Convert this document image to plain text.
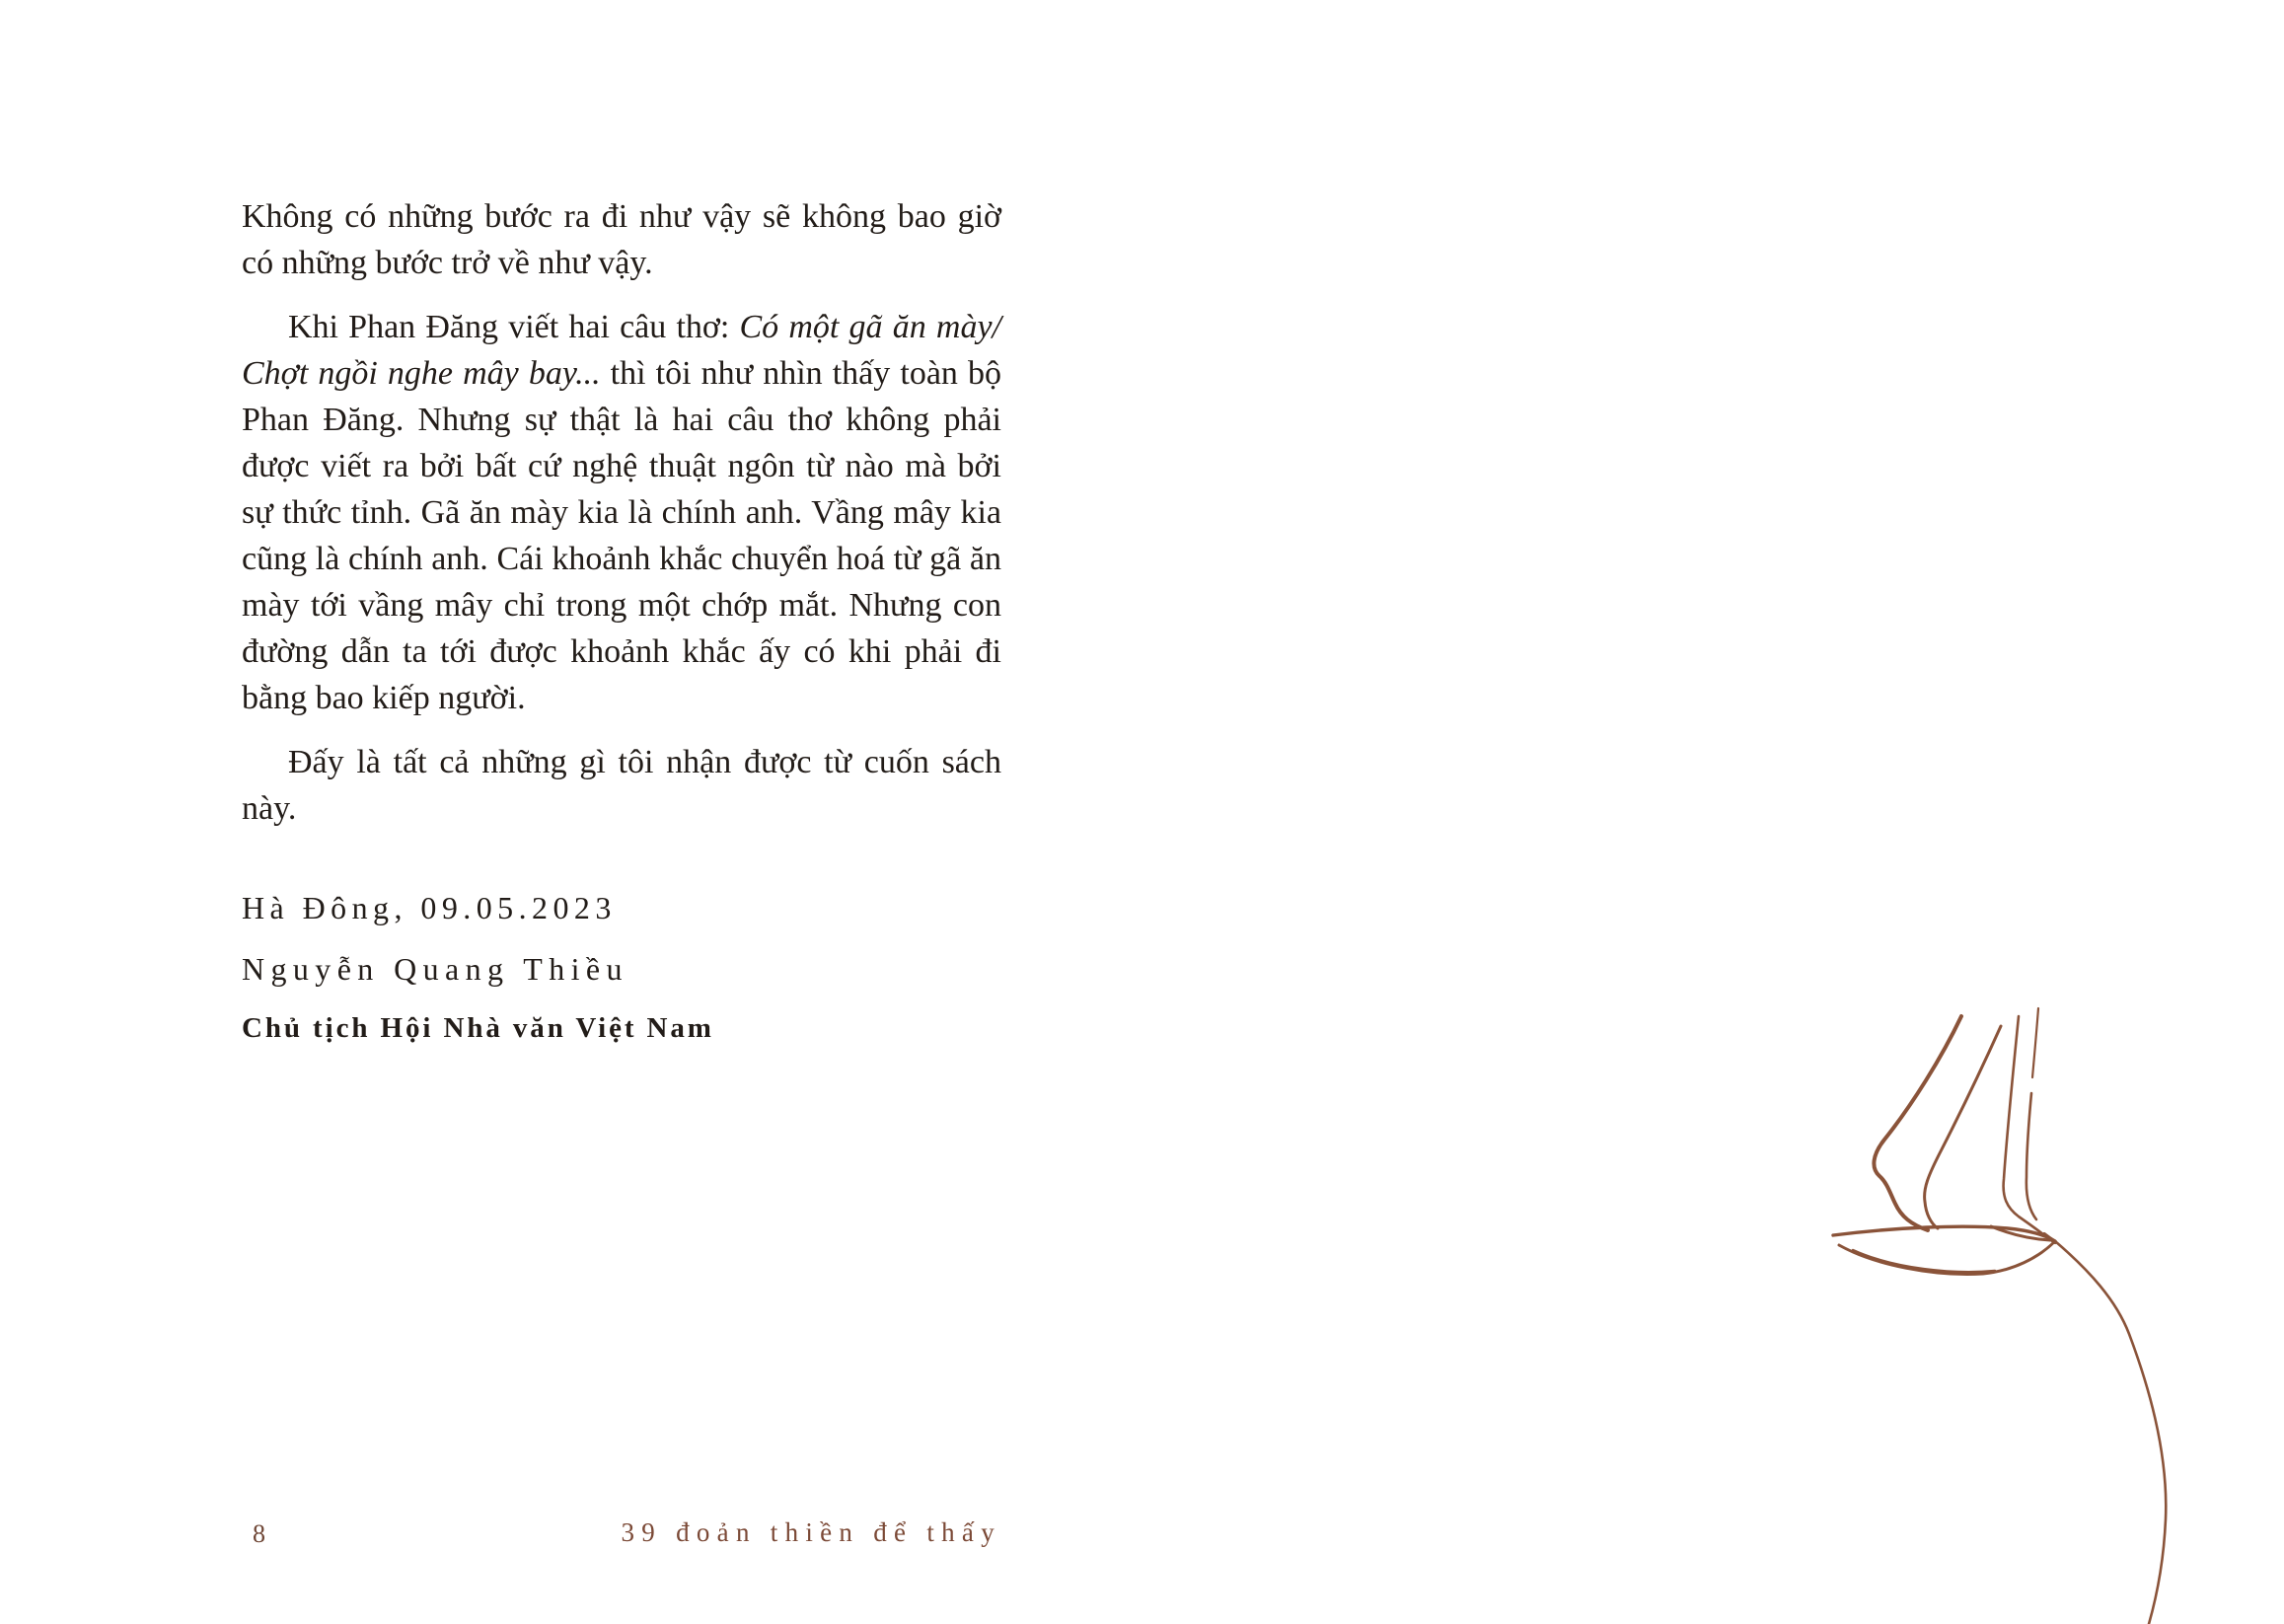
Không có những bước ra đi như vậy sẽ không bao giờ có những bước trở về như vậy.

Khi Phan Đăng viết hai câu thơ: Có một gã ăn mày/ Chợt ngồi nghe mây bay... thì tôi như nhìn thấy toàn bộ Phan Đăng. Nhưng sự thật là hai câu thơ không phải được viết ra bởi bất cứ nghệ thuật ngôn từ nào mà bởi sự thức tỉnh. Gã ăn mày kia là chính anh. Vầng mây kia cũng là chính anh. Cái khoảnh khắc chuyển hoá từ gã ăn mày tới vầng mây chỉ trong một chớp mắt. Nhưng con đường dẫn ta tới được khoảnh khắc ấy có khi phải đi bằng bao kiếp người.

Đấy là tất cả những gì tôi nhận được từ cuốn sách này.

Hà Đông, 09.05.2023

Nguyễn Quang Thiều

Chủ tịch Hội Nhà văn Việt Nam

8	39 đoản thiền để thấy
